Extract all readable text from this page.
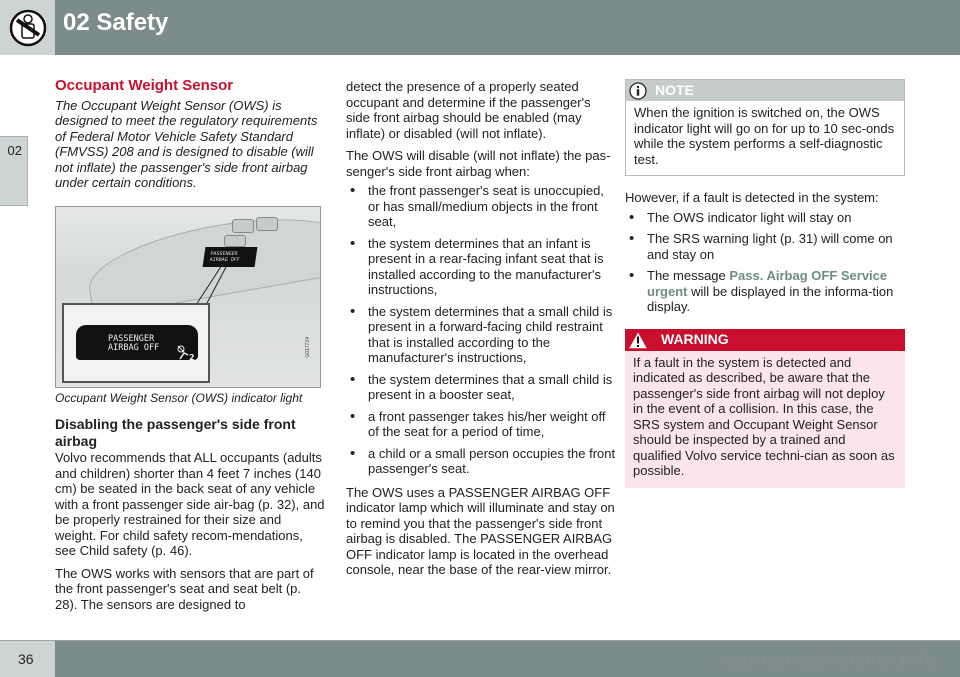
02 Safety
02
Occupant Weight Sensor
The Occupant Weight Sensor (OWS) is designed to meet the regulatory requirements of Federal Motor Vehicle Safety Standard (FMVSS) 208 and is designed to disable (will not inflate) the passenger's side front airbag under certain conditions.
PASSENGER
AIRBAG OFF
PASSENGER
AIRBAG OFF
2	G017724
Occupant Weight Sensor (OWS) indicator light
Disabling the passenger's side front airbag

Volvo recommends that ALL occupants (adults and children) shorter than 4 feet 7 inches (140 cm) be seated in the back seat of any vehicle with a front passenger side air-bag (p. 32), and be properly restrained for their size and weight. For child safety recom-mendations, see Child safety (p. 46).

The OWS works with sensors that are part of the front passenger's seat and seat belt (p. 28). The sensors are designed to

detect the presence of a properly seated occupant and determine if the passenger's side front airbag should be enabled (may inflate) or disabled (will not inflate).

The OWS will disable (will not inflate) the pas-senger's side front airbag when:

• the front passenger's seat is unoccupied, or has small/medium objects in the front seat,
• the system determines that an infant is present in a rear-facing infant seat that is installed according to the manufacturer's instructions,
• the system determines that a small child is present in a forward-facing child restraint that is installed according to the manufacturer's instructions,
• the system determines that a small child is present in a booster seat,
• a front passenger takes his/her weight off of the seat for a period of time,
• a child or a small person occupies the front passenger's seat.

The OWS uses a PASSENGER AIRBAG OFF indicator lamp which will illuminate and stay on to remind you that the passenger's side front airbag is disabled. The PASSENGER AIRBAG OFF indicator lamp is located in the overhead console, near the base of the rear-view mirror.

NOTE
When the ignition is switched on, the OWS indicator light will go on for up to 10 sec-onds while the system performs a self-diagnostic test.

However, if a fault is detected in the system:

• The OWS indicator light will stay on
• The SRS warning light (p. 31) will come on and stay on
• The message Pass. Airbag OFF Service urgent will be displayed in the informa-tion display.
WARNING
If a fault in the system is detected and indicated as described, be aware that the passenger's side front airbag will not deploy in the event of a collision. In this case, the SRS system and Occupant Weight Sensor should be inspected by a trained and qualified Volvo service techni-cian as soon as possible.
36	carmanualsonline.info
